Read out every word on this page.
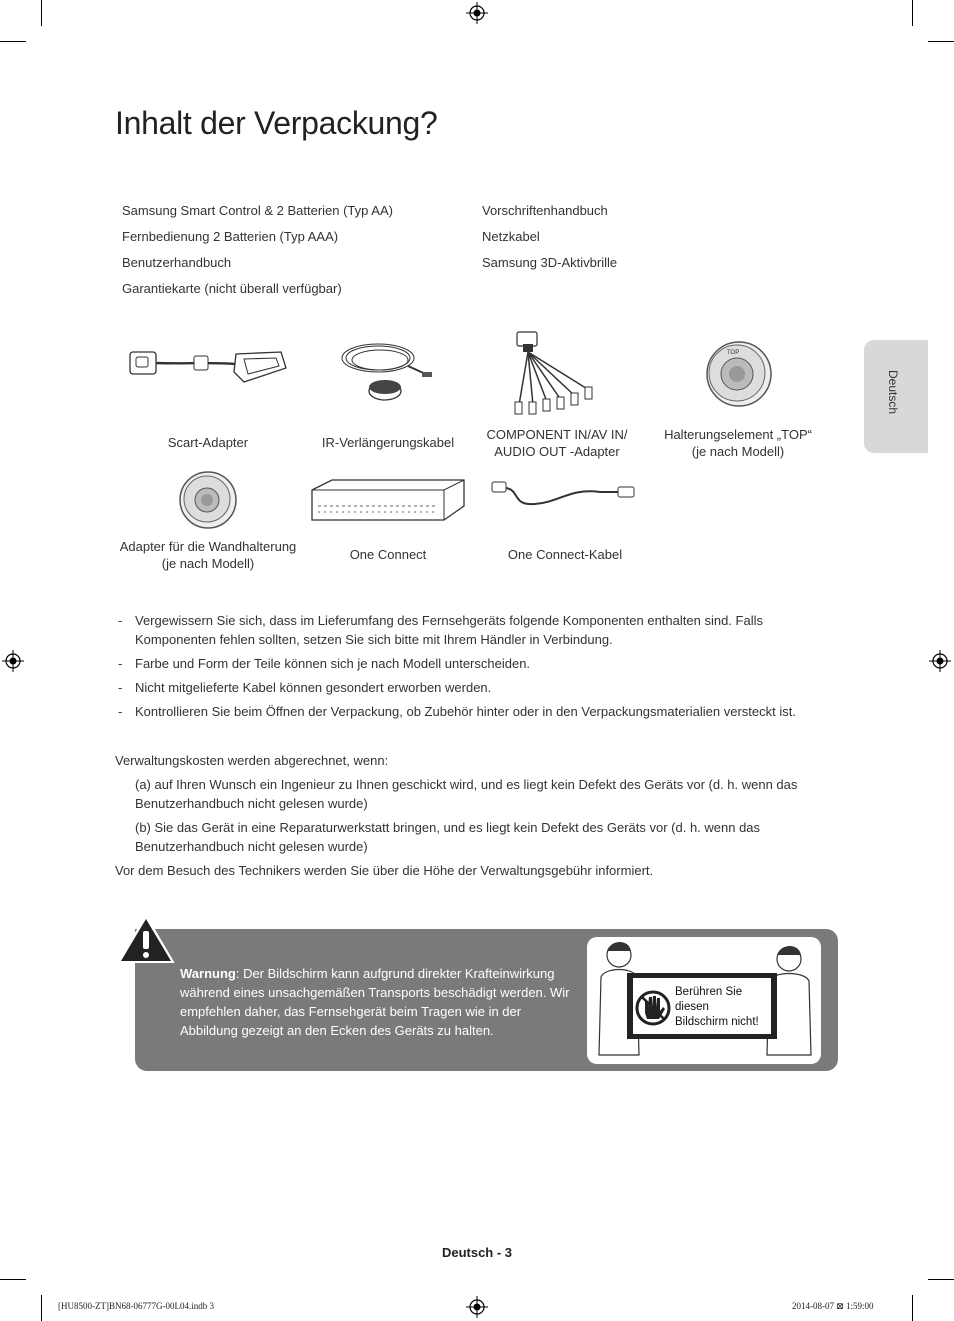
Inhalt der Verpackung?
Deutsch
Samsung Smart Control & 2 Batterien (Typ AA)
Fernbedienung 2 Batterien (Typ AAA)
Benutzerhandbuch
Garantiekarte (nicht überall verfügbar)
Vorschriftenhandbuch
Netzkabel
Samsung 3D-Aktivbrille
TOP
Scart-Adapter	IR-Verlängerungskabel
COMPONENT IN/AV IN/
AUDIO OUT -Adapter
Halterungselement „TOP“
(je nach Modell)
Adapter für die Wandhalterung
(je nach Modell)
One Connect	One Connect-Kabel
- Vergewissern Sie sich, dass im Lieferumfang des Fernsehgeräts folgende Komponenten enthalten sind. Falls Komponenten fehlen sollten, setzen Sie sich bitte mit Ihrem Händler in Verbindung.
- Farbe und Form der Teile können sich je nach Modell unterscheiden.
- Nicht mitgelieferte Kabel können gesondert erworben werden.
- Kontrollieren Sie beim Öffnen der Verpackung, ob Zubehör hinter oder in den Verpackungsmaterialien versteckt ist.
Verwaltungskosten werden abgerechnet, wenn:
(a) auf Ihren Wunsch ein Ingenieur zu Ihnen geschickt wird, und es liegt kein Defekt des Geräts vor (d. h. wenn das Benutzerhandbuch nicht gelesen wurde)
(b) Sie das Gerät in eine Reparaturwerkstatt bringen, und es liegt kein Defekt des Geräts vor (d. h. wenn das Benutzerhandbuch nicht gelesen wurde)
Vor dem Besuch des Technikers werden Sie über die Höhe der Verwaltungsgebühr informiert.
Warnung: Der Bildschirm kann aufgrund direkter Krafteinwirkung während eines unsachgemäßen Transports beschädigt werden. Wir empfehlen daher, das Fernsehgerät beim Tragen wie in der Abbildung gezeigt an den Ecken des Geräts zu halten.
Berühren Sie
diesen
Bildschirm nicht!
Deutsch - 3
[HU8500-ZT]BN68-06777G-00L04.indb 3	2014-08-07 ⊠ 1:59:00
